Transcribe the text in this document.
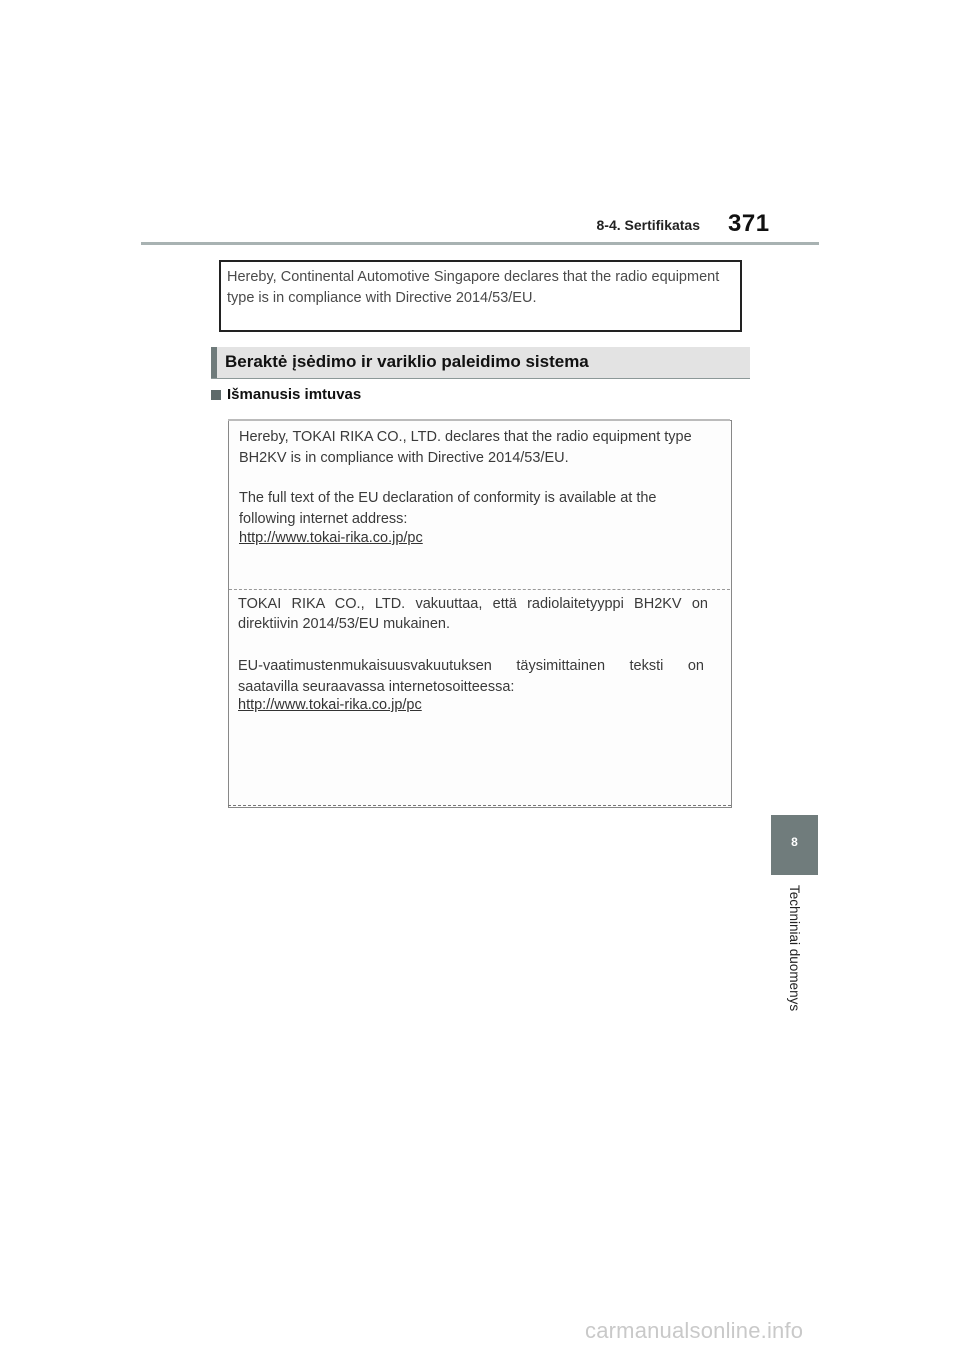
8-4. Sertifikatas 371
Hereby, Continental Automotive Singapore declares that the radio equipment
type is in compliance with Directive 2014/53/EU.
Beraktė įsėdimo ir variklio paleidimo sistema
Išmanusis imtuvas
Hereby, TOKAI RIKA CO., LTD. declares that the radio equipment type
BH2KV is in compliance with Directive 2014/53/EU.
The full text of the EU declaration of conformity is available at the
following internet address:
http://www.tokai-rika.co.jp/pc
TOKAI RIKA CO., LTD. vakuuttaa, että radiolaitetyyppi BH2KV on
direktiivin 2014/53/EU mukainen.
EU-vaatimustenmukaisuusvakuutuksen täysimittainen teksti on
saatavilla seuraavassa internetosoitteessa:
http://www.tokai-rika.co.jp/pc
8
Techniniai duomenys
carmanualsonline.info
